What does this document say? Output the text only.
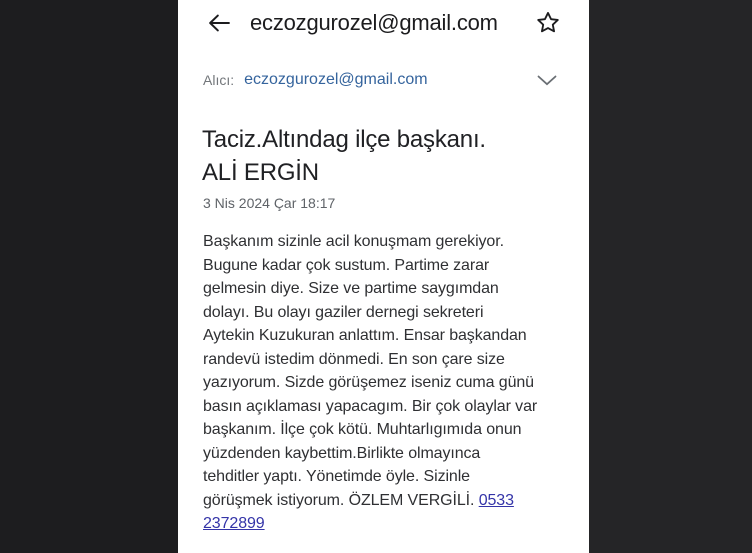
eczozgurozel@gmail.com
Alıcı: eczozgurozel@gmail.com
Taciz.Altındag ilçe başkanı.
ALİ ERGİN
3 Nis 2024 Çar 18:17
Başkanım sizinle acil konuşmam gerekiyor.
Bugune kadar çok sustum. Partime zarar
gelmesin diye. Size ve partime saygımdan
dolayı. Bu olayı gaziler dernegi sekreteri
Aytekin Kuzukuran anlattım. Ensar başkandan
randevü istedim dönmedi. En son çare size
yazıyorum. Sizde görüşemez iseniz cuma günü
basın açıklaması yapacagım. Bir çok olaylar var
başkanım. İlçe çok kötü. Muhtarlıgımıda onun
yüzdenden kaybettim.Birlikte olmayınca
tehditler yaptı. Yönetimde öyle. Sizinle
görüşmek istiyorum. ÖZLEM VERGİLİ. 0533
2372899
